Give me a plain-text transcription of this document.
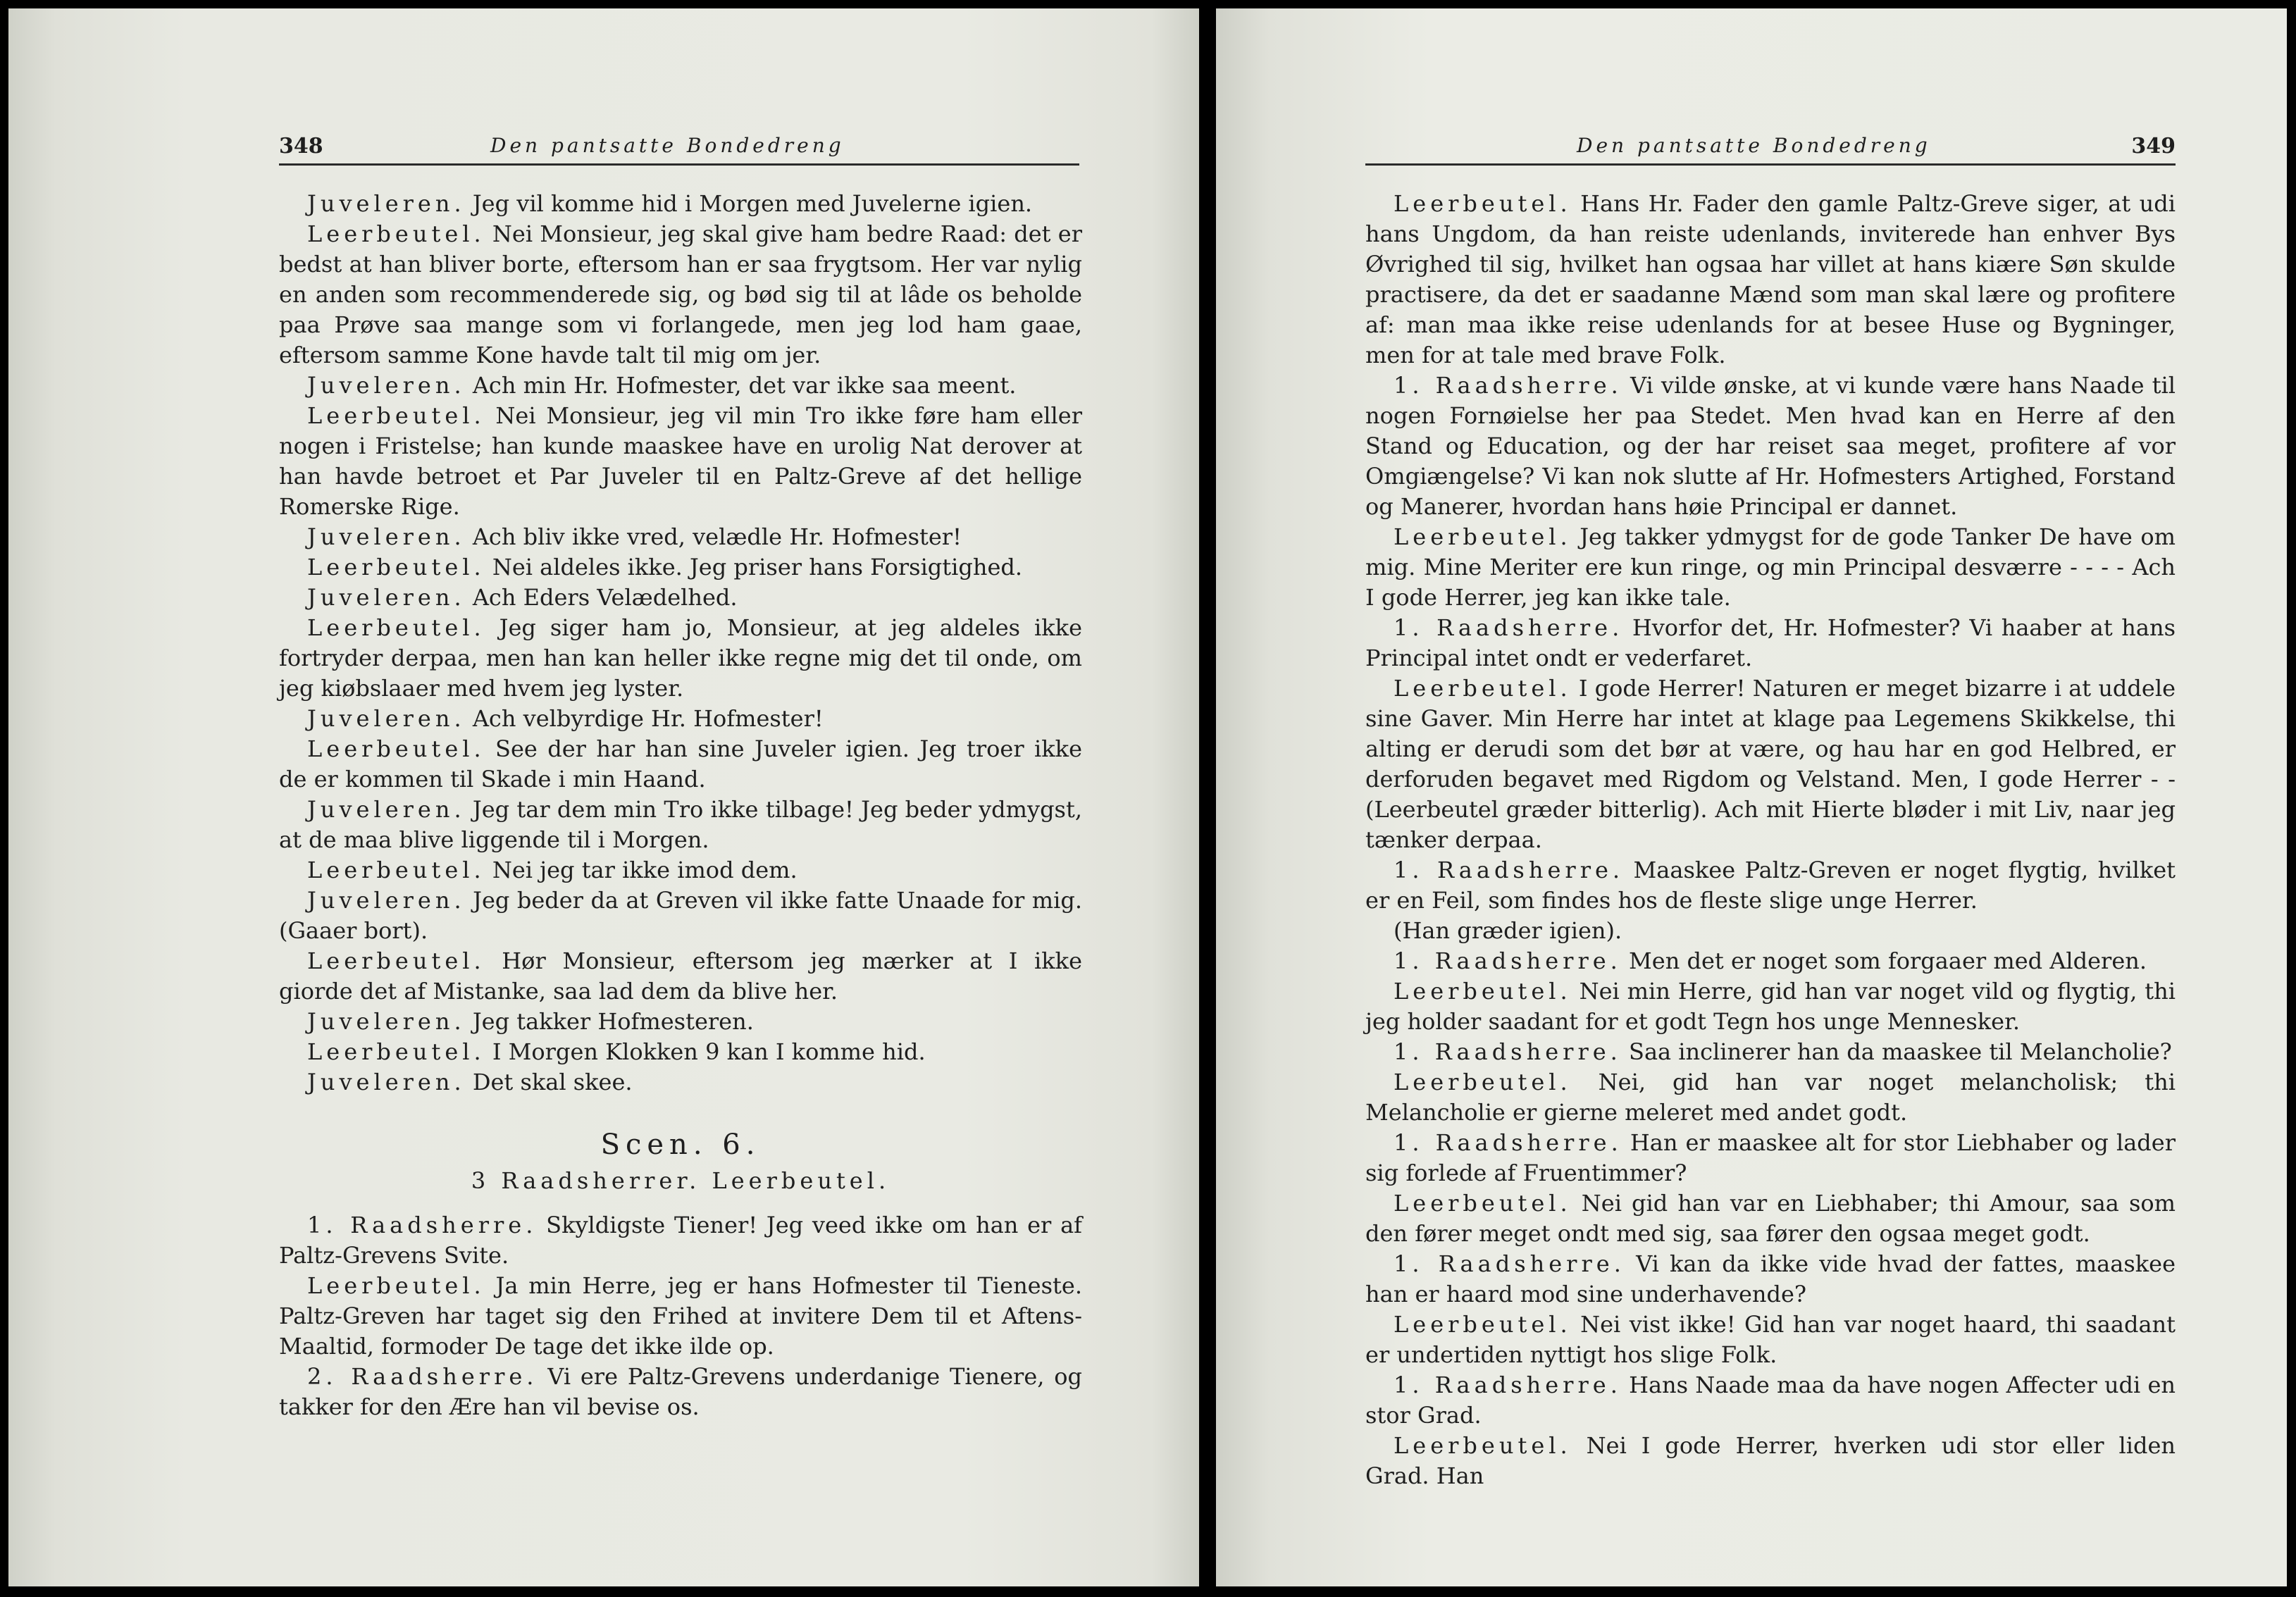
348	Den pantsatte Bondedreng

Juveleren. Jeg vil komme hid i Morgen med Juvelerne igien.

Leerbeutel. Nei Monsieur, jeg skal give ham bedre Raad: det er bedst at han bliver borte, eftersom han er saa frygtsom. Her var nylig en anden som recommenderede sig, og bød sig til at lâde os beholde paa Prøve saa mange som vi forlangede, men jeg lod ham gaae, eftersom samme Kone havde talt til mig om jer.

Juveleren. Ach min Hr. Hofmester, det var ikke saa meent.

Leerbeutel. Nei Monsieur, jeg vil min Tro ikke føre ham eller nogen i Fristelse; han kunde maaskee have en urolig Nat derover at han havde betroet et Par Juveler til en Paltz-Greve af det hellige Romerske Rige.

Juveleren. Ach bliv ikke vred, velædle Hr. Hofmester!

Leerbeutel. Nei aldeles ikke. Jeg priser hans Forsigtighed.

Juveleren. Ach Eders Velædelhed.

Leerbeutel. Jeg siger ham jo, Monsieur, at jeg aldeles ikke fortryder derpaa, men han kan heller ikke regne mig det til onde, om jeg kiøbslaaer med hvem jeg lyster.

Juveleren. Ach velbyrdige Hr. Hofmester!

Leerbeutel. See der har han sine Juveler igien. Jeg troer ikke de er kommen til Skade i min Haand.

Juveleren. Jeg tar dem min Tro ikke tilbage! Jeg beder ydmygst, at de maa blive liggende til i Morgen.

Leerbeutel. Nei jeg tar ikke imod dem.

Juveleren. Jeg beder da at Greven vil ikke fatte Unaade for mig. (Gaaer bort).

Leerbeutel. Hør Monsieur, eftersom jeg mærker at I ikke giorde det af Mistanke, saa lad dem da blive her.

Juveleren. Jeg takker Hofmesteren.

Leerbeutel. I Morgen Klokken 9 kan I komme hid.

Juveleren. Det skal skee.

Scen. 6.
3 Raadsherrer. Leerbeutel.

1. Raadsherre. Skyldigste Tiener! Jeg veed ikke om han er af Paltz-Grevens Svite.

Leerbeutel. Ja min Herre, jeg er hans Hofmester til Tieneste. Paltz-Greven har taget sig den Frihed at invitere Dem til et Aftens-Maaltid, formoder De tage det ikke ilde op.

2. Raadsherre. Vi ere Paltz-Grevens underdanige Tienere, og takker for den Ære han vil bevise os.

Den pantsatte Bondedreng	349

Leerbeutel. Hans Hr. Fader den gamle Paltz-Greve siger, at udi hans Ungdom, da han reiste udenlands, inviterede han enhver Bys Øvrighed til sig, hvilket han ogsaa har villet at hans kiære Søn skulde practisere, da det er saadanne Mænd som man skal lære og profitere af: man maa ikke reise udenlands for at besee Huse og Bygninger, men for at tale med brave Folk.

1. Raadsherre. Vi vilde ønske, at vi kunde være hans Naade til nogen Fornøielse her paa Stedet. Men hvad kan en Herre af den Stand og Education, og der har reiset saa meget, profitere af vor Omgiængelse? Vi kan nok slutte af Hr. Hofmesters Artighed, Forstand og Manerer, hvordan hans høie Principal er dannet.

Leerbeutel. Jeg takker ydmygst for de gode Tanker De have om mig. Mine Meriter ere kun ringe, og min Principal desværre - - - - Ach I gode Herrer, jeg kan ikke tale.

1. Raadsherre. Hvorfor det, Hr. Hofmester? Vi haaber at hans Principal intet ondt er vederfaret.

Leerbeutel. I gode Herrer! Naturen er meget bizarre i at uddele sine Gaver. Min Herre har intet at klage paa Legemens Skikkelse, thi alting er derudi som det bør at være, og hau har en god Helbred, er derforuden begavet med Rigdom og Velstand. Men, I gode Herrer - - (Leerbeutel græder bitterlig). Ach mit Hierte bløder i mit Liv, naar jeg tænker derpaa.

1. Raadsherre. Maaskee Paltz-Greven er noget flygtig, hvilket er en Feil, som findes hos de fleste slige unge Herrer.

(Han græder igien).

1. Raadsherre. Men det er noget som forgaaer med Alderen.

Leerbeutel. Nei min Herre, gid han var noget vild og flygtig, thi jeg holder saadant for et godt Tegn hos unge Mennesker.

1. Raadsherre. Saa inclinerer han da maaskee til Melancholie?

Leerbeutel. Nei, gid han var noget melancholisk; thi Melancholie er gierne meleret med andet godt.

1. Raadsherre. Han er maaskee alt for stor Liebhaber og lader sig forlede af Fruentimmer?

Leerbeutel. Nei gid han var en Liebhaber; thi Amour, saa som den fører meget ondt med sig, saa fører den ogsaa meget godt.

1. Raadsherre. Vi kan da ikke vide hvad der fattes, maaskee han er haard mod sine underhavende?

Leerbeutel. Nei vist ikke! Gid han var noget haard, thi saadant er undertiden nyttigt hos slige Folk.

1. Raadsherre. Hans Naade maa da have nogen Affecter udi en stor Grad.

Leerbeutel. Nei I gode Herrer, hverken udi stor eller liden Grad. Han
